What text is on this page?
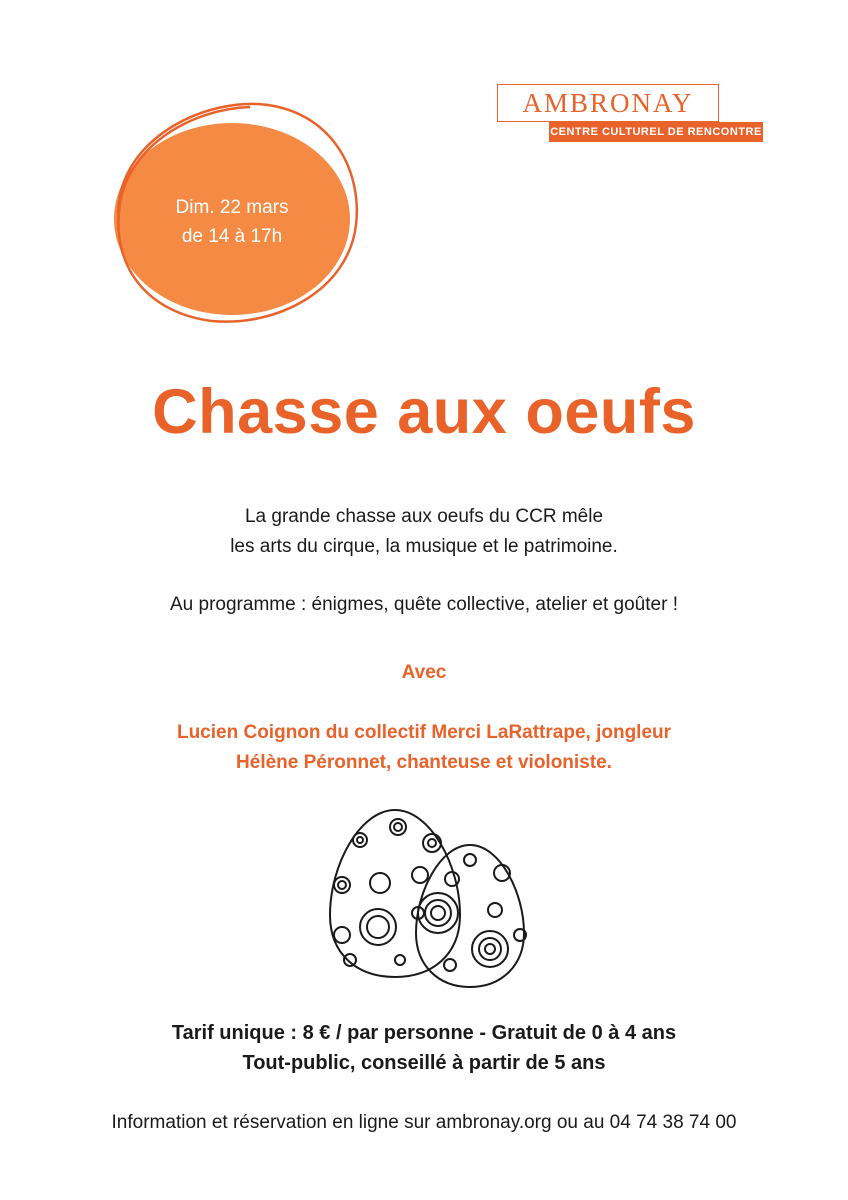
AMBRONAY
CENTRE CULTUREL DE RENCONTRE
Dim. 22 mars
de 14 à 17h
Chasse aux oeufs
La grande chasse aux oeufs du CCR mêle
les arts du cirque, la musique et le patrimoine.
Au programme : énigmes, quête collective, atelier et goûter !
Avec
Lucien Coignon du collectif Merci LaRattrape, jongleur
Hélène Péronnet, chanteuse et violoniste.
Tarif unique : 8 € / par personne - Gratuit de 0 à 4 ans
Tout-public, conseillé à partir de 5 ans
Information et réservation en ligne sur ambronay.org ou au 04 74 38 74 00
